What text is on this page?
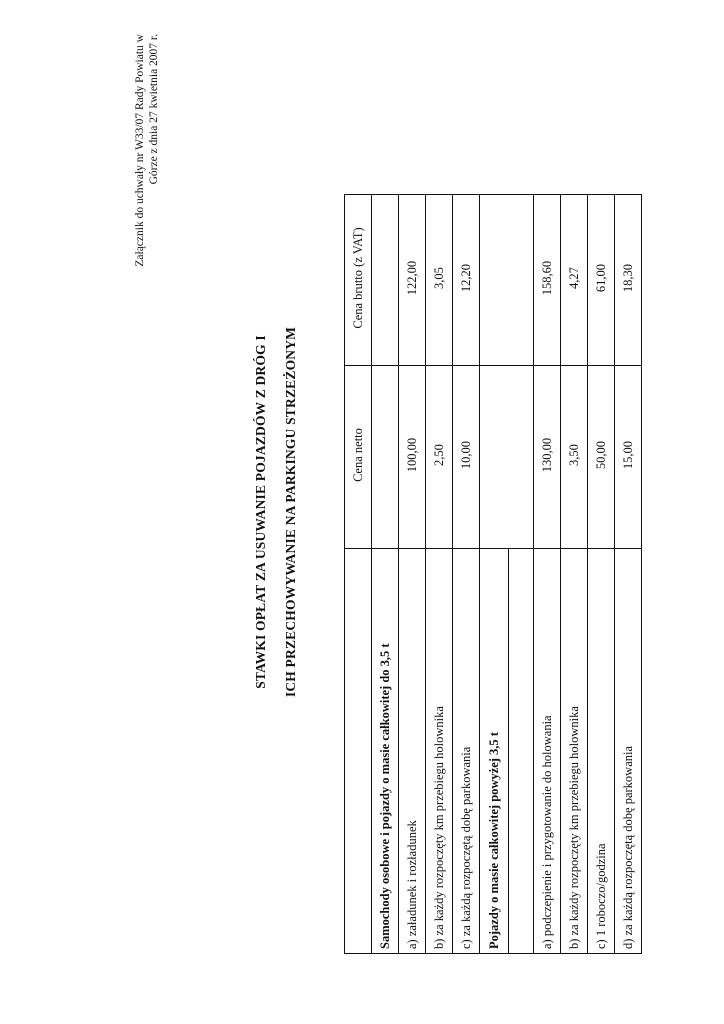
Załącznik do uchwały nr W33/07 Rady Powiatu w Górze z dnia 27 kwietnia 2007 r.
STAWKI OPŁAT ZA USUWANIE POJAZDÓW Z DRÓG I	ICH PRZECHOWYWANIE NA PARKINGU STRZEŻONYM
		Cena netto	Cena brutto (z VAT)
Samochody osobowe i pojazdy o masie całkowitej do 3,5 t		
a) załadunek i rozładunek	100,00	122,00
b) za każdy rozpoczęty km przebiegu holownika	2,50	3,05
c) za każdą rozpoczętą dobę parkowania	10,00	12,20
Pojazdy o masie całkowitej powyżej 3,5 t		

a) podczepienie i przygotowanie do holowania	130,00	158,60
b) za każdy rozpoczęty km przebiegu holownika	3,50	4,27
c) 1 roboczo/godzina	50,00	61,00
d) za każdą rozpoczętą dobę parkowania	15,00	18,30
